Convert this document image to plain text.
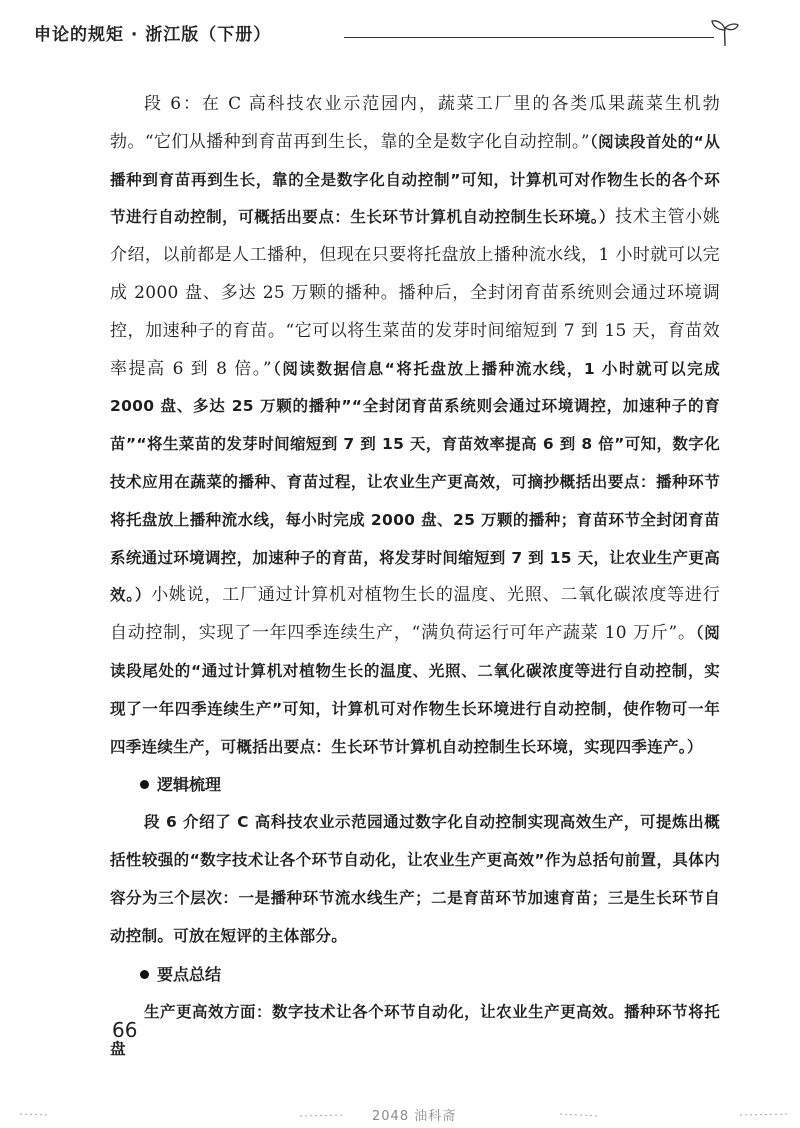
申论的规矩 · 浙江版（下册）

段 6：在 C 高科技农业示范园内，蔬菜工厂里的各类瓜果蔬菜生机勃勃。“它们从播种到育苗再到生长，靠的全是数字化自动控制。”（阅读段首处的“从播种到育苗再到生长，靠的全是数字化自动控制”可知，计算机可对作物生长的各个环节进行自动控制，可概括出要点：生长环节计算机自动控制生长环境。）技术主管小姚介绍，以前都是人工播种，但现在只要将托盘放上播种流水线，1 小时就可以完成 2000 盘、多达 25 万颗的播种。播种后，全封闭育苗系统则会通过环境调控，加速种子的育苗。“它可以将生菜苗的发芽时间缩短到 7 到 15 天，育苗效率提高 6 到 8 倍。”（阅读数据信息“将托盘放上播种流水线，1 小时就可以完成 2000 盘、多达 25 万颗的播种”“全封闭育苗系统则会通过环境调控，加速种子的育苗”“将生菜苗的发芽时间缩短到 7 到 15 天，育苗效率提高 6 到 8 倍”可知，数字化技术应用在蔬菜的播种、育苗过程，让农业生产更高效，可摘抄概括出要点：播种环节将托盘放上播种流水线，每小时完成 2000 盘、25 万颗的播种；育苗环节全封闭育苗系统通过环境调控，加速种子的育苗，将发芽时间缩短到 7 到 15 天，让农业生产更高效。）小姚说，工厂通过计算机对植物生长的温度、光照、二氧化碳浓度等进行自动控制，实现了一年四季连续生产，“满负荷运行可年产蔬菜 10 万斤”。（阅读段尾处的“通过计算机对植物生长的温度、光照、二氧化碳浓度等进行自动控制，实现了一年四季连续生产”可知，计算机可对作物生长环境进行自动控制，使作物可一年四季连续生产，可概括出要点：生长环节计算机自动控制生长环境，实现四季连产。）

逻辑梳理

段 6 介绍了 C 高科技农业示范园通过数字化自动控制实现高效生产，可提炼出概括性较强的“数字技术让各个环节自动化，让农业生产更高效”作为总括句前置，具体内容分为三个层次：一是播种环节流水线生产；二是育苗环节加速育苗；三是生长环节自动控制。可放在短评的主体部分。

要点总结

生产更高效方面：数字技术让各个环节自动化，让农业生产更高效。播种环节将托盘

66
2048 油科斋
